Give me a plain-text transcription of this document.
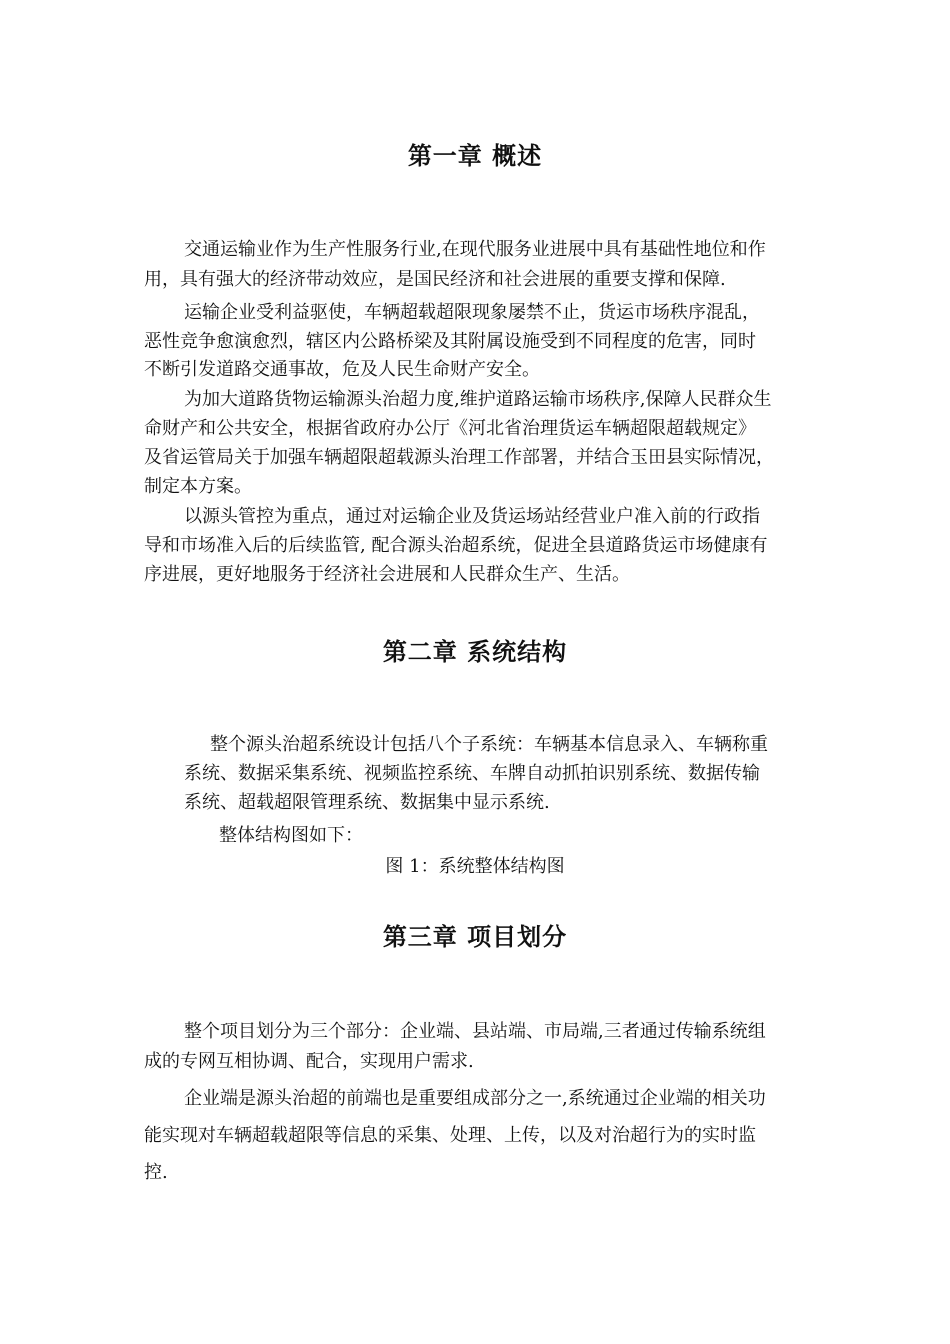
第一章 概述
交通运输业作为生产性服务行业,在现代服务业进展中具有基础性地位和作
用，具有强大的经济带动效应，是国民经济和社会进展的重要支撑和保障.
运输企业受利益驱使，车辆超载超限现象屡禁不止，货运市场秩序混乱，
恶性竞争愈演愈烈，辖区内公路桥梁及其附属设施受到不同程度的危害，同时
不断引发道路交通事故，危及人民生命财产安全。
为加大道路货物运输源头治超力度,维护道路运输市场秩序,保障人民群众生
命财产和公共安全，根据省政府办公厅《河北省治理货运车辆超限超载规定》
及省运管局关于加强车辆超限超载源头治理工作部署，并结合玉田县实际情况，
制定本方案。
以源头管控为重点，通过对运输企业及货运场站经营业户准入前的行政指
导和市场准入后的后续监管, 配合源头治超系统，促进全县道路货运市场健康有
序进展，更好地服务于经济社会进展和人民群众生产、生活。
第二章 系统结构
整个源头治超系统设计包括八个子系统：车辆基本信息录入、车辆称重
系统、数据采集系统、视频监控系统、车牌自动抓拍识别系统、数据传输
系统、超载超限管理系统、数据集中显示系统.
整体结构图如下：
图 1：系统整体结构图
第三章 项目划分
整个项目划分为三个部分：企业端、县站端、市局端,三者通过传输系统组
成的专网互相协调、配合，实现用户需求.
企业端是源头治超的前端也是重要组成部分之一,系统通过企业端的相关功
能实现对车辆超载超限等信息的采集、处理、上传，以及对治超行为的实时监
控.
